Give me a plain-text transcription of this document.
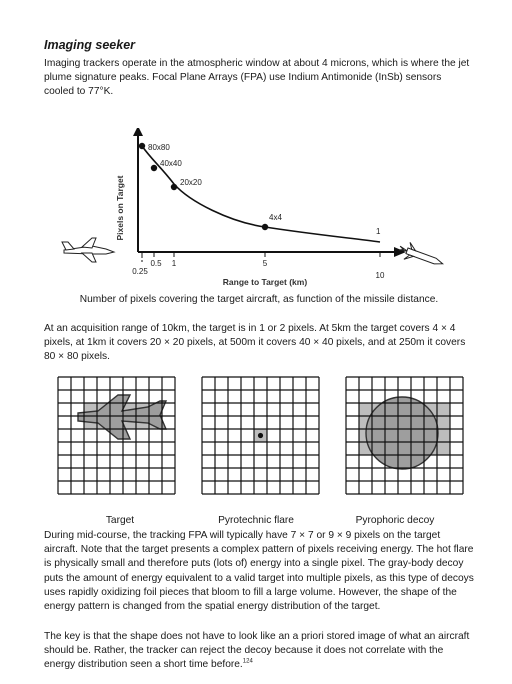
Imaging seeker

Imaging trackers operate in the atmospheric window at about 4 microns, which is where the jet plume signature peaks. Focal Plane Arrays (FPA) use Indium Antimonide (InSb) sensors cooled to 77°K.

Pixels on Target
Range to Target (km)
80x80
40x40
20x20
4x4
1
0.25
0.5 1	5
10
Number of pixels covering the target aircraft, as function of the missile distance.

At an acquisition range of 10km, the target is in 1 or 2 pixels. At 5km the target covers 4 × 4 pixels, at 1km it covers 20 × 20 pixels, at 500m it covers 40 × 40 pixels, and at 250m it covers 80 × 80 pixels.

Target	Pyrotechnic flare	Pyrophoric decoy

During mid-course, the tracking FPA will typically have 7 × 7 or 9 × 9 pixels on the target aircraft. Note that the target presents a complex pattern of pixels receiving energy. The hot flare is physically small and therefore puts (lots of) energy into a single pixel. The gray-body decoy puts the amount of energy equivalent to a valid target into multiple pixels, as this type of decoys uses rapidly oxidizing foil pieces that bloom to fill a large volume. However, the shape of the energy pattern is changed from the spatial energy distribution of the target.

The key is that the shape does not have to look like an a priori stored image of what an aircraft should be. Rather, the tracker can reject the decoy because it does not correlate with the energy distribution seen a short time before.$^{124}$
